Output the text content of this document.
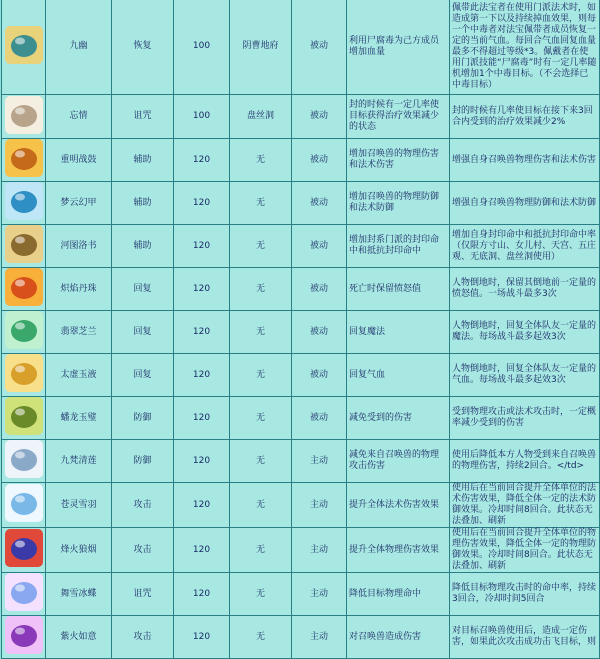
	九幽	恢复	100	阴曹地府	被动	利用尸腐毒为己方成员增加血量	佩带此法宝者在使用门派法术时，如造成第一下以及持续掉血效果，则每一个中毒者对法宝佩带者成员恢复一定的当前气血。每回合气血回复血量最多不得超过等级*3。佩戴者在使用门派技能“尸腐毒”时有一定几率随机增加1个中毒目标。（不会选择已中毒目标）

	忘情	诅咒	100	盘丝洞	被动	封的时候有一定几率使目标获得治疗效果减少的状态	封的时候有几率使目标在接下来3回合内受到的治疗效果减少2%

	重明战鼓	辅助	120	无	被动	增加召唤兽的物理伤害和法术伤害	增强自身召唤兽物理伤害和法术伤害

	梦云幻甲	辅助	120	无	被动	增加召唤兽的物理防御和法术防御	增强自身召唤兽物理防御和法术防御

	河图洛书	辅助	120	无	被动	增加封系门派的封印命中和抵抗封印命中	增加自身封印命中和抵抗封印命中率（仅限方寸山、女儿村、天宫、五庄观、无底洞、盘丝洞使用）

	炽焰丹珠	回复	120	无	被动	死亡时保留愤怒值	人物倒地时，保留其倒地前一定量的愤怒值。一场战斗最多3次

	翡翠芝兰	回复	120	无	被动	回复魔法	人物倒地时，回复全体队友一定量的魔法。每场战斗最多起效3次

	太虚玉液	回复	120	无	被动	回复气血	人物倒地时，回复全体队友一定量的气血。每场战斗最多起效3次

	蟠龙玉璧	防御	120	无	被动	减免受到的伤害	受到物理攻击或法术攻击时，一定概率减少受到的伤害

	九梵清莲	防御	120	无	主动	减免来自召唤兽的物理攻击伤害	使用后降低本方人物受到来自召唤兽的物理伤害，持续2回合。</td>

	苍灵雪羽	攻击	120	无	主动	提升全体法术伤害效果	使用后在当前回合提升全体单位的法术伤害效果，降低全体一定的法术防御效果。冷却时间8回合。此状态无法叠加、刷新

	烽火狼烟	攻击	120	无	主动	提升全体物理伤害效果	使用后在当前回合提升全体单位的物理伤害效果，降低全体一定的物理防御效果。冷却时间8回合。此状态无法叠加、刷新

	舞雪冰蝶	诅咒	120	无	主动	降低目标物理命中	降低目标物理攻击时的命中率，持续3回合，冷却时间5回合

	紫火如意	攻击	120	无	主动	对召唤兽造成伤害	对目标召唤兽使用后，造成一定伤害，如果此次攻击成功击飞目标，则
